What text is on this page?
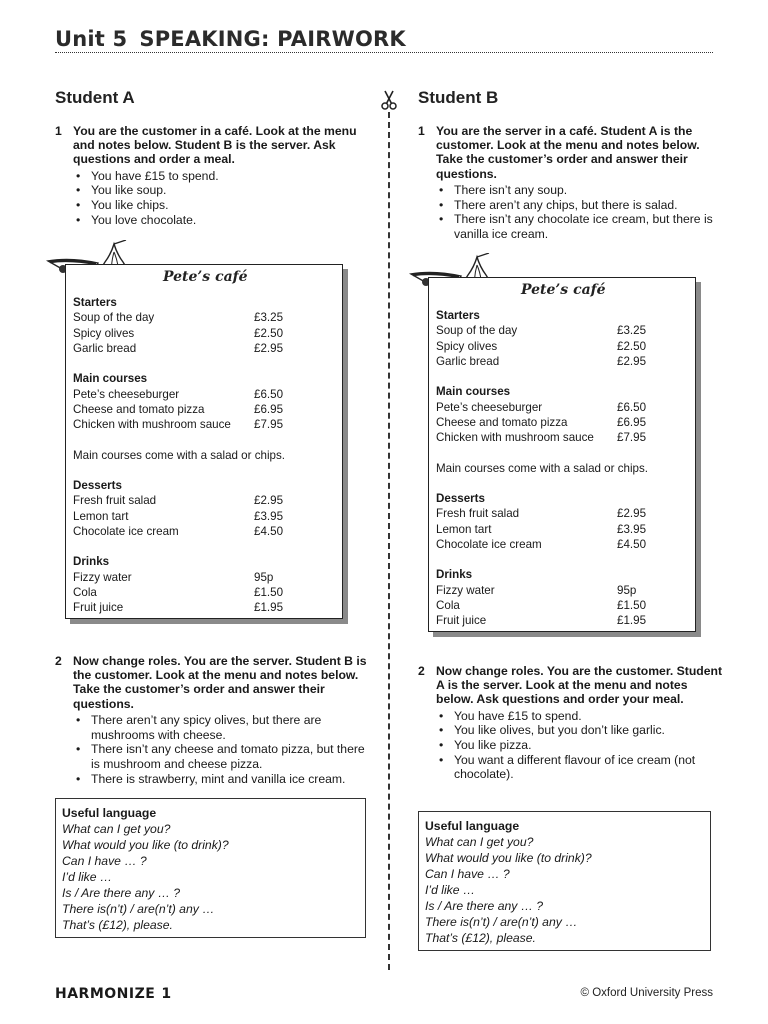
Unit 5 SPEAKING: PAIRWORK
Student A
1 You are the customer in a café. Look at the menu and notes below. Student B is the server. Ask questions and order a meal.
• You have £15 to spend.
• You like soup.
• You like chips.
• You love chocolate.
Pete’s café
Starters
Soup of the day	£3.25
Spicy olives	£2.50
Garlic bread	£2.95
Main courses
Pete’s cheeseburger	£6.50
Cheese and tomato pizza	£6.95
Chicken with mushroom sauce £7.95
Main courses come with a salad or chips.
Desserts
Fresh fruit salad	£2.95
Lemon tart	£3.95
Chocolate ice cream	£4.50
Drinks
Fizzy water	95p
Cola	£1.50
Fruit juice	£1.95
2 Now change roles. You are the server. Student B is the customer. Look at the menu and notes below. Take the customer’s order and answer their questions.
• There aren’t any spicy olives, but there are mushrooms with cheese.
• There isn’t any cheese and tomato pizza, but there is mushroom and cheese pizza.
• There is strawberry, mint and vanilla ice cream.
Useful language
What can I get you?
What would you like (to drink)?
Can I have … ?
I’d like …
Is / Are there any … ?
There is(n’t) / are(n’t) any …
That’s (£12), please.
Student B
1 You are the server in a café. Student A is the customer. Look at the menu and notes below. Take the customer’s order and answer their questions.
• There isn’t any soup.
• There aren’t any chips, but there is salad.
• There isn’t any chocolate ice cream, but there is vanilla ice cream.
Pete’s café
Starters
Soup of the day	£3.25
Spicy olives	£2.50
Garlic bread	£2.95
Main courses
Pete’s cheeseburger	£6.50
Cheese and tomato pizza	£6.95
Chicken with mushroom sauce £7.95
Main courses come with a salad or chips.
Desserts
Fresh fruit salad	£2.95
Lemon tart	£3.95
Chocolate ice cream	£4.50
Drinks
Fizzy water	95p
Cola	£1.50
Fruit juice	£1.95
2 Now change roles. You are the customer. Student A is the server. Look at the menu and notes below. Ask questions and order your meal.
• You have £15 to spend.
• You like olives, but you don’t like garlic.
• You like pizza.
• You want a different flavour of ice cream (not chocolate).
Useful language
What can I get you?
What would you like (to drink)?
Can I have … ?
I’d like …
Is / Are there any … ?
There is(n’t) / are(n’t) any …
That’s (£12), please.
HARMONIZE 1	© Oxford University Press
